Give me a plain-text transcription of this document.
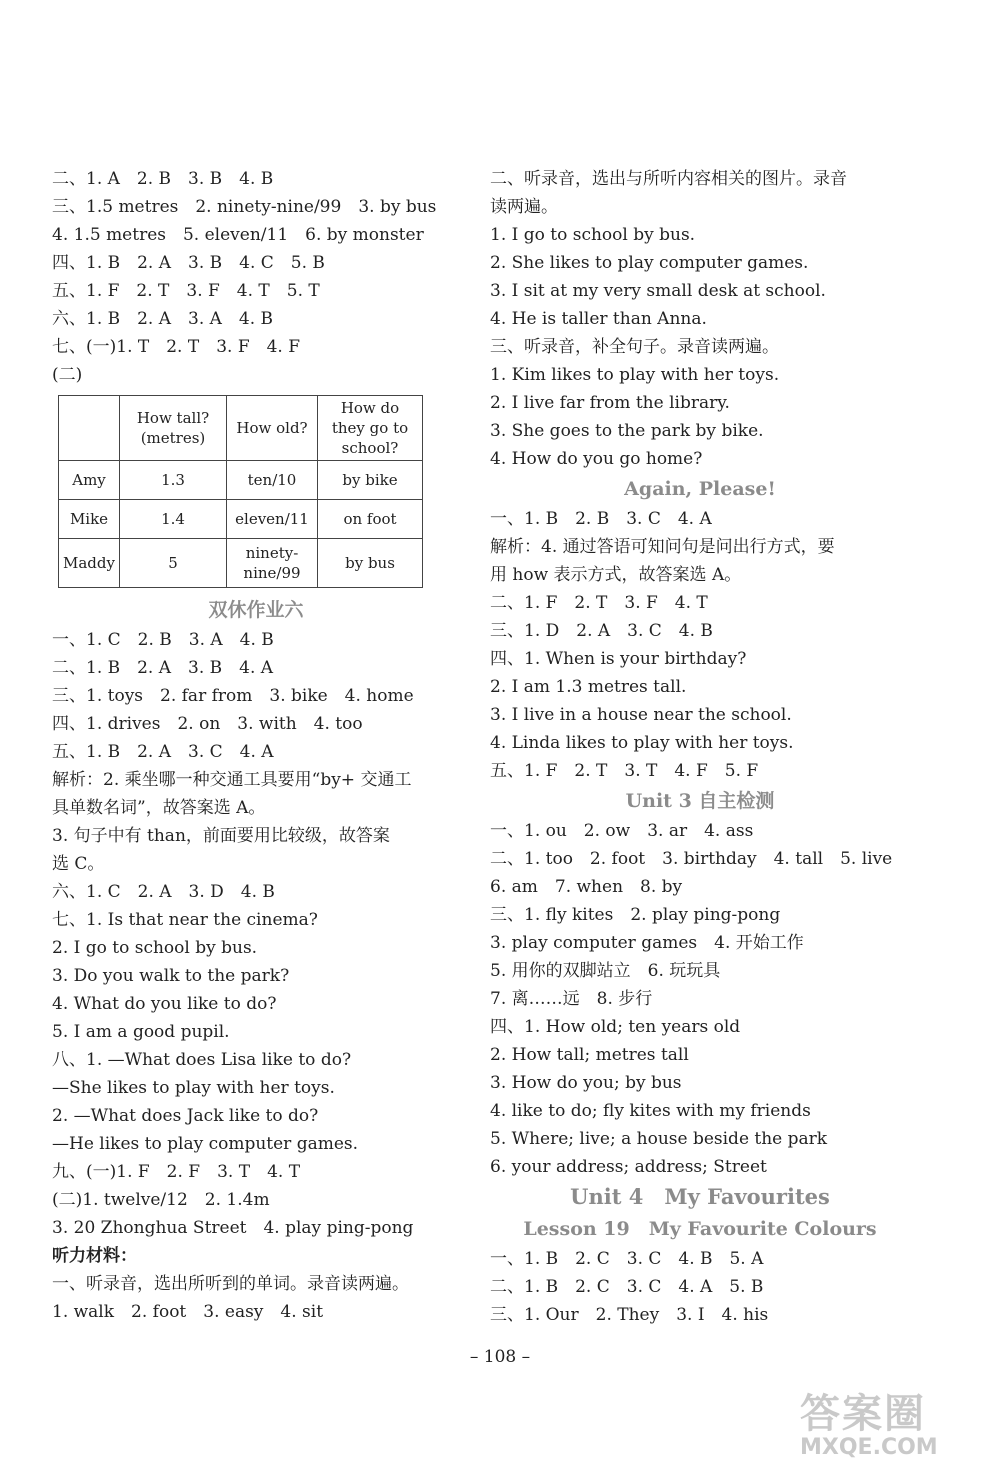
二、1. A　2. B　3. B　4. B
三、1.5 metres　2. ninety-nine/99　3. by bus
4. 1.5 metres　5. eleven/11　6. by monster
四、1. B　2. A　3. B　4. C　5. B
五、1. F　2. T　3. F　4. T　5. T
六、1. B　2. A　3. A　4. B
七、(一)1. T　2. T　3. F　4. F
(二)
	How tall? (metres)	How old?	How do they go to school?
Amy	1.3	ten/10	by bike
Mike	1.4	eleven/11	on foot
Maddy	5	ninety-nine/99	by bus
双休作业六
一、1. C　2. B　3. A　4. B
二、1. B　2. A　3. B　4. A
三、1. toys　2. far from　3. bike　4. home
四、1. drives　2. on　3. with　4. too
五、1. B　2. A　3. C　4. A
解析：2. 乘坐哪一种交通工具要用“by+ 交通工
具单数名词”，故答案选 A。
3. 句子中有 than，前面要用比较级，故答案
选 C。
六、1. C　2. A　3. D　4. B
七、1. Is that near the cinema?
2. I go to school by bus.
3. Do you walk to the park?
4. What do you like to do?
5. I am a good pupil.
八、1. —What does Lisa like to do?
—She likes to play with her toys.
2. —What does Jack like to do?
—He likes to play computer games.
九、(一)1. F　2. F　3. T　4. T
(二)1. twelve/12　2. 1.4m
3. 20 Zhonghua Street　4. play ping-pong
听力材料：
一、听录音，选出所听到的单词。录音读两遍。
1. walk　2. foot　3. easy　4. sit
二、听录音，选出与所听内容相关的图片。录音
读两遍。
1. I go to school by bus.
2. She likes to play computer games.
3. I sit at my very small desk at school.
4. He is taller than Anna.
三、听录音，补全句子。录音读两遍。
1. Kim likes to play with her toys.
2. I live far from the library.
3. She goes to the park by bike.
4. How do you go home?
Again, Please!
一、1. B　2. B　3. C　4. A
解析：4. 通过答语可知问句是问出行方式，要
用 how 表示方式，故答案选 A。
二、1. F　2. T　3. F　4. T
三、1. D　2. A　3. C　4. B
四、1. When is your birthday?
2. I am 1.3 metres tall.
3. I live in a house near the school.
4. Linda likes to play with her toys.
五、1. F　2. T　3. T　4. F　5. F
Unit 3 自主检测
一、1. ou　2. ow　3. ar　4. ass
二、1. too　2. foot　3. birthday　4. tall　5. live
6. am　7. when　8. by
三、1. fly kites　2. play ping-pong
3. play computer games　4. 开始工作
5. 用你的双脚站立　6. 玩玩具
7. 离……远　8. 步行
四、1. How old; ten years old
2. How tall; metres tall
3. How do you; by bus
4. like to do; fly kites with my friends
5. Where; live; a house beside the park
6. your address; address; Street
Unit 4　My Favourites
Lesson 19　My Favourite Colours
一、1. B　2. C　3. C　4. B　5. A
二、1. B　2. C　3. C　4. A　5. B
三、1. Our　2. They　3. I　4. his
– 108 –
答案圈
MXQE.COM
